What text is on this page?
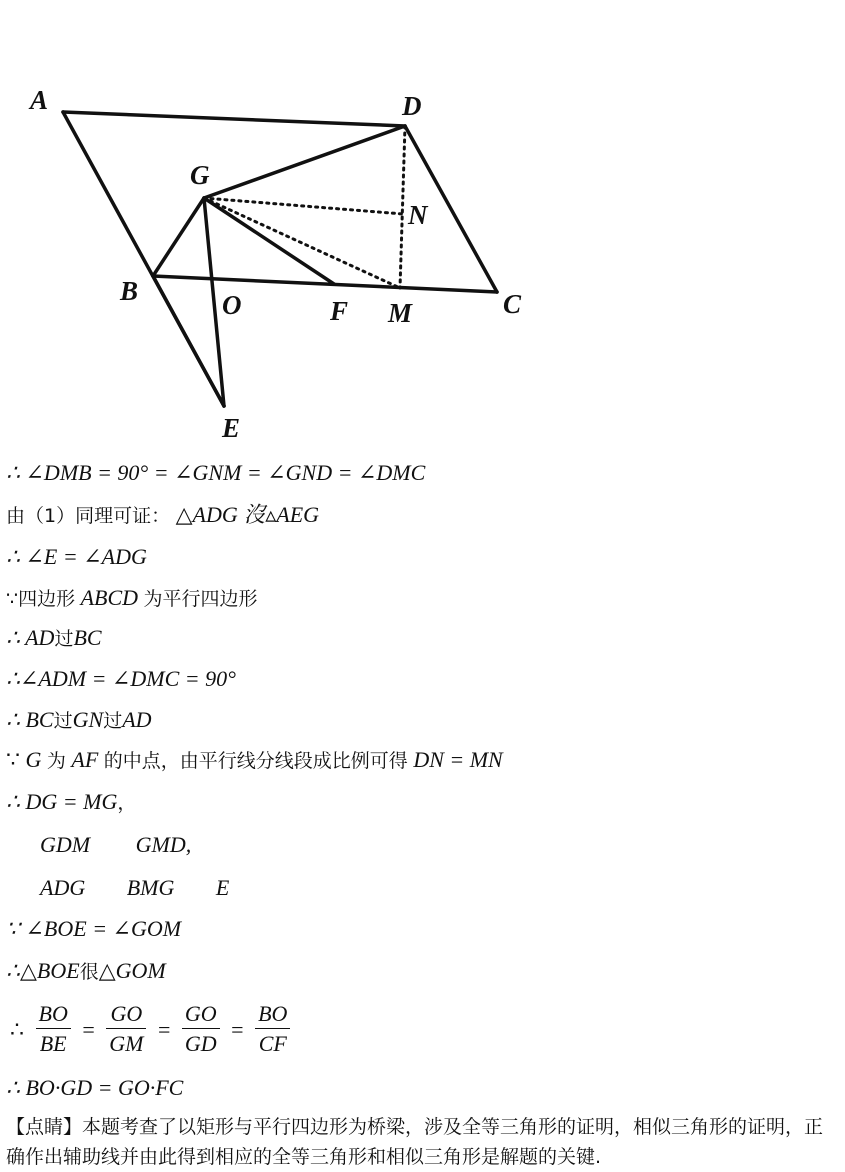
A	D
G
N
B	O	F M	C
E
∴ ∠DMB = 90° = ∠GNM = ∠GND = ∠DMC
由（1）同理可证： △ADG 沒▵AEG
∴ ∠E = ∠ADG
∵四边形 ABCD 为平行四边形
∴ AD过BC
∴∠ADM = ∠DMC = 90°
∴ BC过GN过AD
∵ G 为 AF 的中点，由平行线分线段成比例可得 DN = MN
∴ DG = MG，
GDM GMD,
ADG BMG E
∵ ∠BOE = ∠GOM
∴△BOE很△GOM
∴ $\frac{BO}{BE} = \frac{GO}{GM} = \frac{GO}{GD} = \frac{BO}{CF}$
∴ BO·GD = GO·FC
【点睛】本题考查了以矩形与平行四边形为桥梁，涉及全等三角形的证明，相似三角形的证明，正确作出辅助线并由此得到相应的全等三角形和相似三角形是解题的关键.
